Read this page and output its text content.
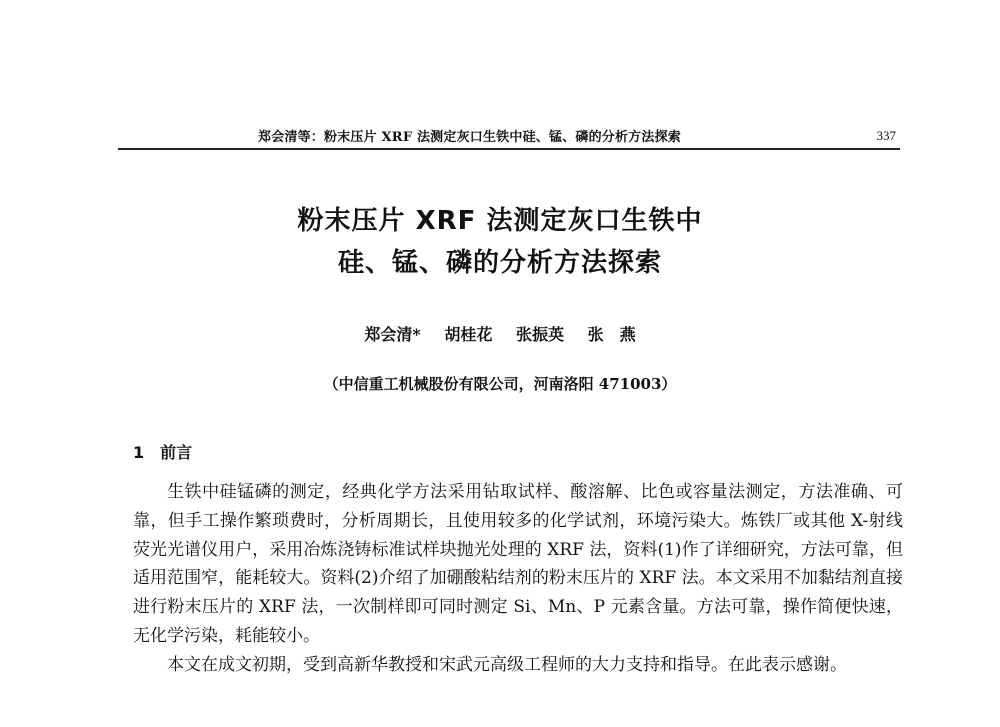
郑会清等：粉末压片 XRF 法测定灰口生铁中硅、锰、磷的分析方法探索	337
粉末压片 XRF 法测定灰口生铁中
硅、锰、磷的分析方法探索
郑会清* 胡桂花 张振英 张　燕
（中信重工机械股份有限公司，河南洛阳 471003）
1 前言

生铁中硅锰磷的测定，经典化学方法采用钻取试样、酸溶解、比色或容量法测定，方法准确、可靠，但手工操作繁琐费时，分析周期长，且使用较多的化学试剂，环境污染大。炼铁厂或其他 X-射线荧光光谱仪用户，采用冶炼浇铸标准试样块抛光处理的 XRF 法，资料(1)作了详细研究，方法可靠，但适用范围窄，能耗较大。资料(2)介绍了加硼酸粘结剂的粉末压片的 XRF 法。本文采用不加黏结剂直接进行粉末压片的 XRF 法，一次制样即可同时测定 Si、Mn、P 元素含量。方法可靠，操作简便快速，无化学污染，耗能较小。

本文在成文初期，受到高新华教授和宋武元高级工程师的大力支持和指导。在此表示感谢。
